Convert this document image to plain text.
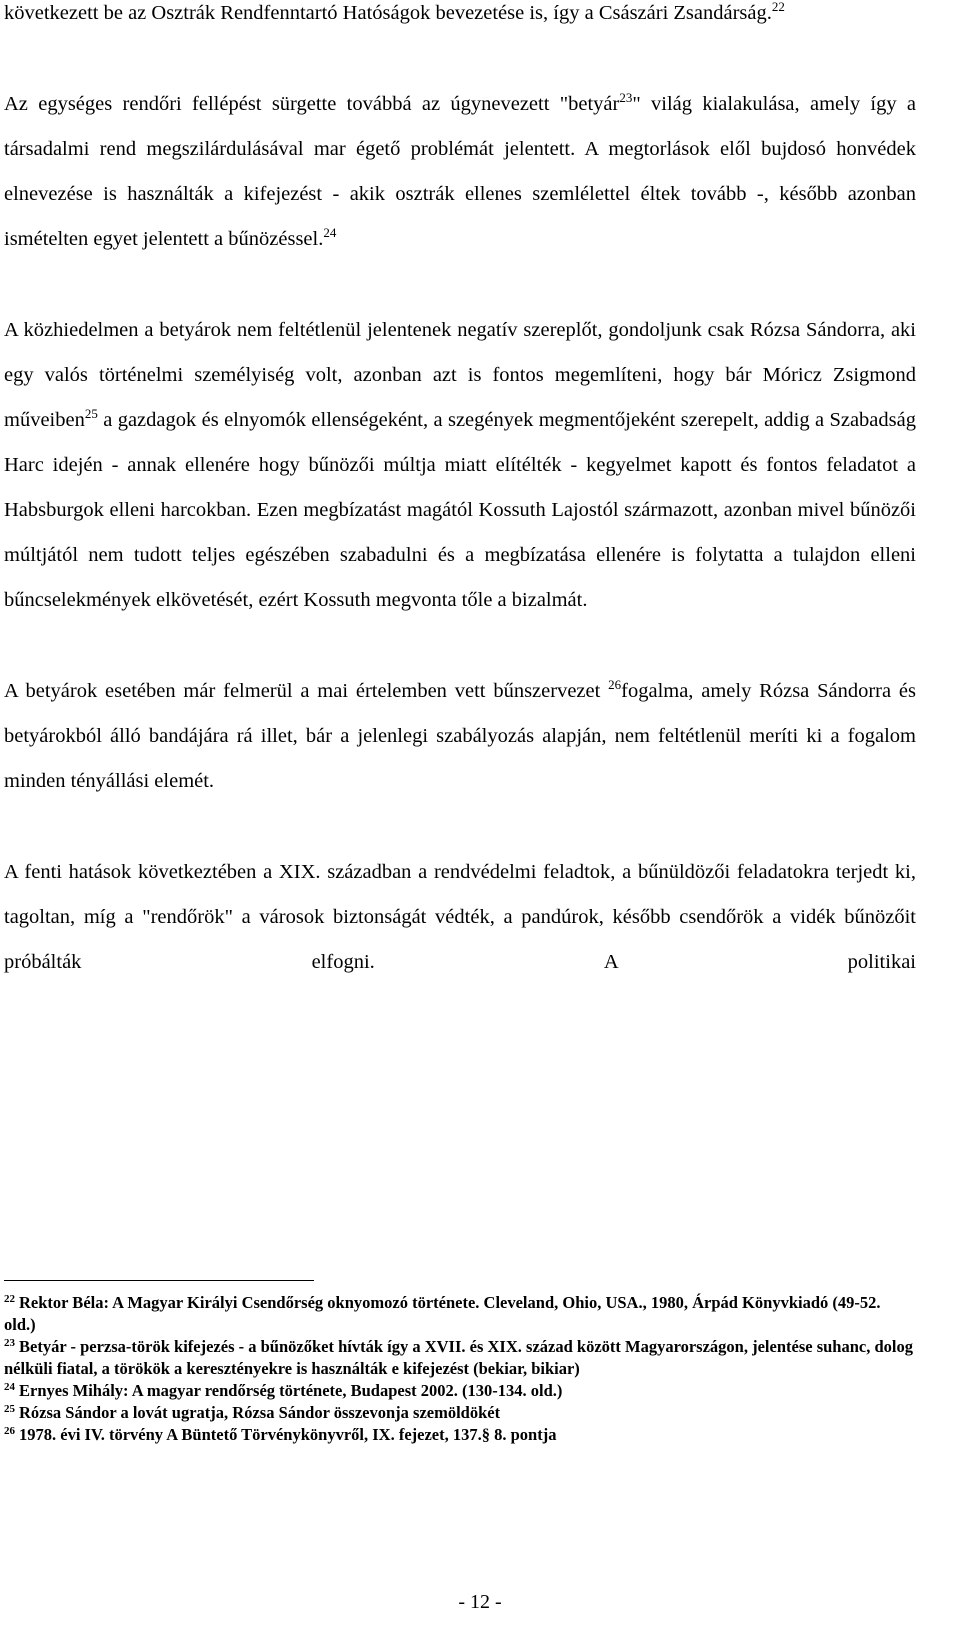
következett be az Osztrák Rendfenntartó Hatóságok bevezetése is, így a Császári Zsandárság.$^{22}$

Az egységes rendőri fellépést sürgette továbbá az úgynevezett "betyár$^{23}$" világ kialakulása, amely így a társadalmi rend megszilárdulásával mar égető problémát jelentett. A megtorlások elől bujdosó honvédek elnevezése is használták a kifejezést - akik osztrák ellenes szemlélettel éltek tovább -, később azonban ismételten egyet jelentett a bűnözéssel.$^{24}$

A közhiedelmen a betyárok nem feltétlenül jelentenek negatív szereplőt, gondoljunk csak Rózsa Sándorra, aki egy valós történelmi személyiség volt, azonban azt is fontos megemlíteni, hogy bár Móricz Zsigmond műveiben$^{25}$ a gazdagok és elnyomók ellenségeként, a szegények megmentőjeként szerepelt, addig a Szabadság Harc idején - annak ellenére hogy bűnözői múltja miatt elítélték - kegyelmet kapott és fontos feladatot a Habsburgok elleni harcokban. Ezen megbízatást magától Kossuth Lajostól származott, azonban mivel bűnözői múltjától nem tudott teljes egészében szabadulni és a megbízatása ellenére is folytatta a tulajdon elleni bűncselekmények elkövetését, ezért Kossuth megvonta tőle a bizalmát.

A betyárok esetében már felmerül a mai értelemben vett bűnszervezet $^{26}$fogalma, amely Rózsa Sándorra és betyárokból álló bandájára rá illet, bár a jelenlegi szabályozás alapján, nem feltétlenül meríti ki a fogalom minden tényállási elemét.

A fenti hatások következtében a XIX. században a rendvédelmi feladtok, a bűnüldözői feladatokra terjedt ki, tagoltan, míg a "rendőrök" a városok biztonságát védték, a pandúrok, később csendőrök a vidék bűnözőit próbálták elfogni. A politikai

$^{22}$ Rektor Béla: A Magyar Királyi Csendőrség oknyomozó története. Cleveland, Ohio, USA., 1980, Árpád Könyvkiadó (49-52. old.)

$^{23}$ Betyár - perzsa-török kifejezés - a bűnözőket hívták így a XVII. és XIX. század között Magyarországon, jelentése suhanc, dolog nélküli fiatal, a törökök a keresztényekre is használták e kifejezést (bekiar, bikiar)

$^{24}$ Ernyes Mihály: A magyar rendőrség története, Budapest 2002. (130-134. old.)

$^{25}$ Rózsa Sándor a lovát ugratja, Rózsa Sándor összevonja szemöldökét

$^{26}$ 1978. évi IV. törvény A Büntető Törvénykönyvről, IX. fejezet, 137.§ 8. pontja

- 12 -
